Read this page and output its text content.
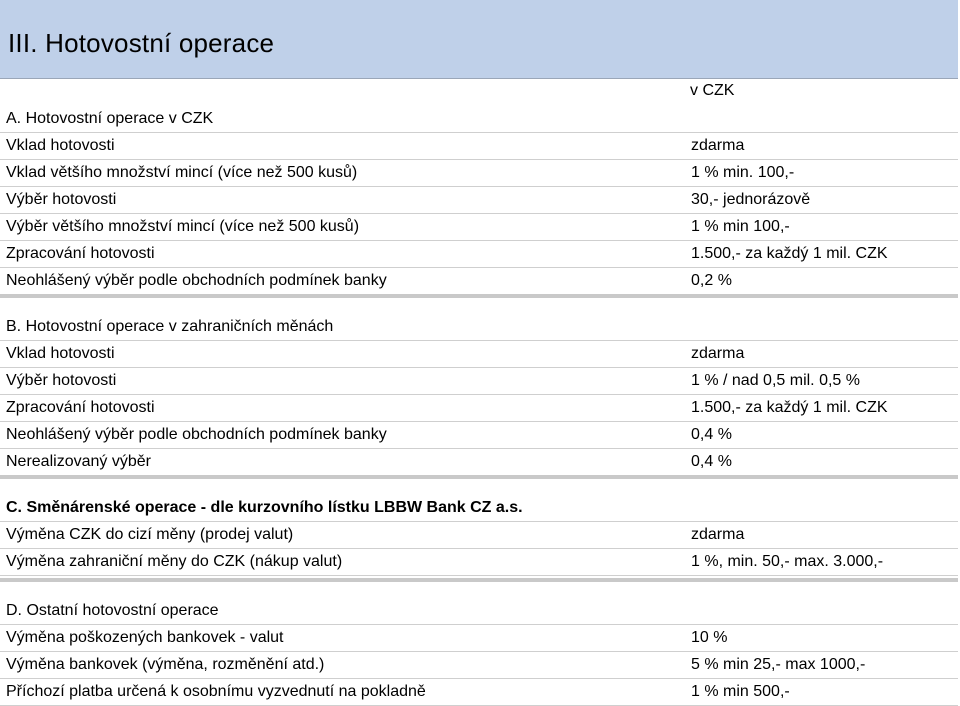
III. Hotovostní operace
v CZK
A. Hotovostní operace v CZK
Vklad hotovosti	zdarma
Vklad většího množství mincí (více než 500 kusů)	1 % min. 100,-
Výběr hotovosti	30,- jednorázově
Výběr většího množství mincí (více než 500 kusů)	1 % min 100,-
Zpracování hotovosti	1.500,- za každý 1 mil. CZK
Neohlášený výběr podle obchodních podmínek banky	0,2 %
B. Hotovostní operace v zahraničních měnách
Vklad hotovosti	zdarma
Výběr hotovosti	1 % / nad 0,5 mil. 0,5 %
Zpracování hotovosti	1.500,- za každý 1 mil. CZK
Neohlášený výběr podle obchodních podmínek banky	0,4 %
Nerealizovaný výběr	0,4 %
C. Směnárenské operace - dle kurzovního lístku LBBW Bank CZ a.s.
Výměna CZK do cizí měny (prodej valut)	zdarma
Výměna zahraniční měny do CZK (nákup valut)	1 %, min. 50,- max. 3.000,-
D. Ostatní hotovostní operace
Výměna poškozených bankovek - valut	10 %
Výměna bankovek (výměna, rozměnění atd.)	5 % min 25,- max 1000,-
Příchozí platba určená k osobnímu vyzvednutí na pokladně	1 % min 500,-
